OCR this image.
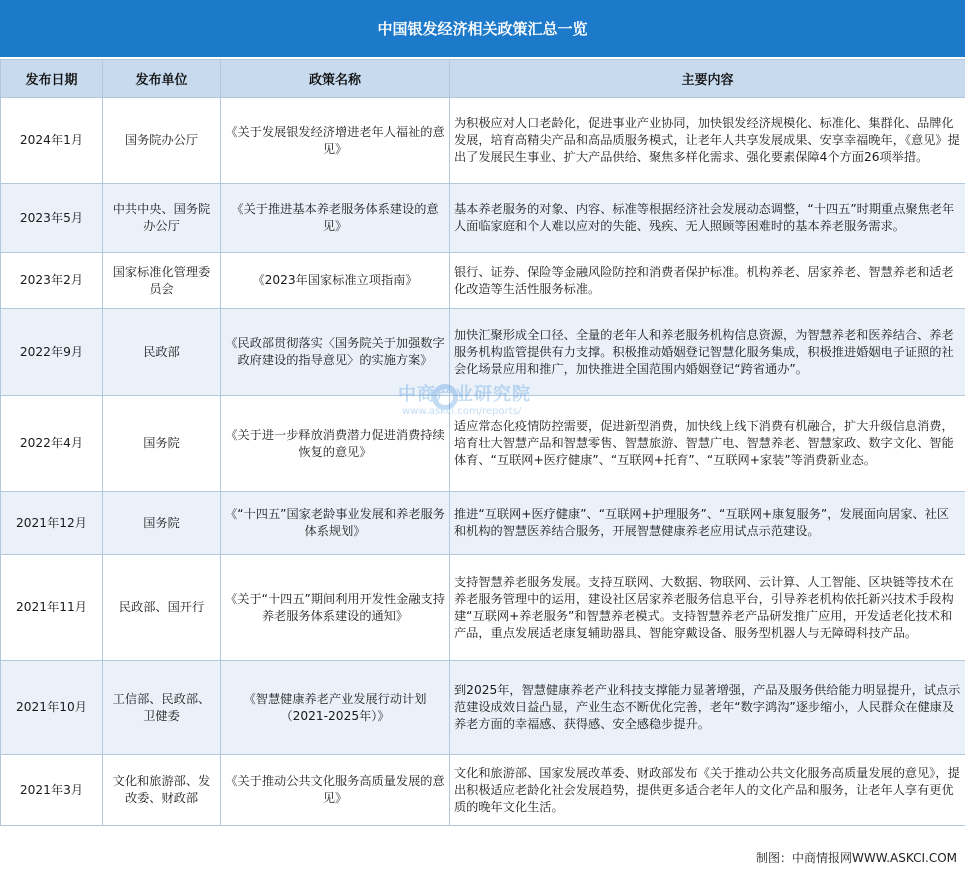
中国银发经济相关政策汇总一览
发布日期	发布单位	政策名称	主要内容
2024年1月	国务院办公厅	《关于发展银发经济增进老年人福祉的意见》	为积极应对人口老龄化，促进事业产业协同，加快银发经济规模化、标准化、集群化、品牌化发展，培育高精尖产品和高品质服务模式，让老年人共享发展成果、安享幸福晚年，《意见》提出了发展民生事业、扩大产品供给、聚焦多样化需求、强化要素保障4个方面26项举措。
2023年5月	中共中央、国务院办公厅	《关于推进基本养老服务体系建设的意见》	基本养老服务的对象、内容、标准等根据经济社会发展动态调整，“十四五”时期重点聚焦老年人面临家庭和个人难以应对的失能、残疾、无人照顾等困难时的基本养老服务需求。
2023年2月	国家标准化管理委员会	《2023年国家标准立项指南》	银行、证券、保险等金融风险防控和消费者保护标准。机构养老、居家养老、智慧养老和适老化改造等生活性服务标准。
2022年9月	民政部	《民政部贯彻落实〈国务院关于加强数字政府建设的指导意见〉的实施方案》	加快汇聚形成全口径、全量的老年人和养老服务机构信息资源，为智慧养老和医养结合、养老服务机构监管提供有力支撑。积极推动婚姻登记智慧化服务集成，积极推进婚姻电子证照的社会化场景应用和推广，加快推进全国范围内婚姻登记“跨省通办”。
2022年4月	国务院	《关于进一步释放消费潜力促进消费持续恢复的意见》	适应常态化疫情防控需要，促进新型消费，加快线上线下消费有机融合，扩大升级信息消费，培育壮大智慧产品和智慧零售、智慧旅游、智慧广电、智慧养老、智慧家政、数字文化、智能体育、“互联网+医疗健康”、“互联网+托育”、“互联网+家装”等消费新业态。
2021年12月	国务院	《“十四五”国家老龄事业发展和养老服务体系规划》	推进“互联网+医疗健康”、“互联网+护理服务”、“互联网+康复服务”，发展面向居家、社区和机构的智慧医养结合服务，开展智慧健康养老应用试点示范建设。
2021年11月	民政部、国开行	《关于“十四五”期间利用开发性金融支持养老服务体系建设的通知》	支持智慧养老服务发展。支持互联网、大数据、物联网、云计算、人工智能、区块链等技术在养老服务管理中的运用，建设社区居家养老服务信息平台，引导养老机构依托新兴技术手段构建“互联网+养老服务”和智慧养老模式。支持智慧养老产品研发推广应用，开发适老化技术和产品，重点发展适老康复辅助器具、智能穿戴设备、服务型机器人与无障碍科技产品。
2021年10月	工信部、民政部、卫健委	《智慧健康养老产业发展行动计划（2021-2025年）》	到2025年，智慧健康养老产业科技支撑能力显著增强，产品及服务供给能力明显提升，试点示范建设成效日益凸显，产业生态不断优化完善，老年“数字鸿沟”逐步缩小，人民群众在健康及养老方面的幸福感、获得感、安全感稳步提升。
2021年3月	文化和旅游部、发改委、财政部	《关于推动公共文化服务高质量发展的意见》	文化和旅游部、国家发展改革委、财政部发布《关于推动公共文化服务高质量发展的意见》，提出积极适应老龄化社会发展趋势，提供更多适合老年人的文化产品和服务，让老年人享有更优质的晚年文化生活。
中商产业研究院
www.askci.com/reports/
制图：中商情报网WWW.ASKCI.COM
